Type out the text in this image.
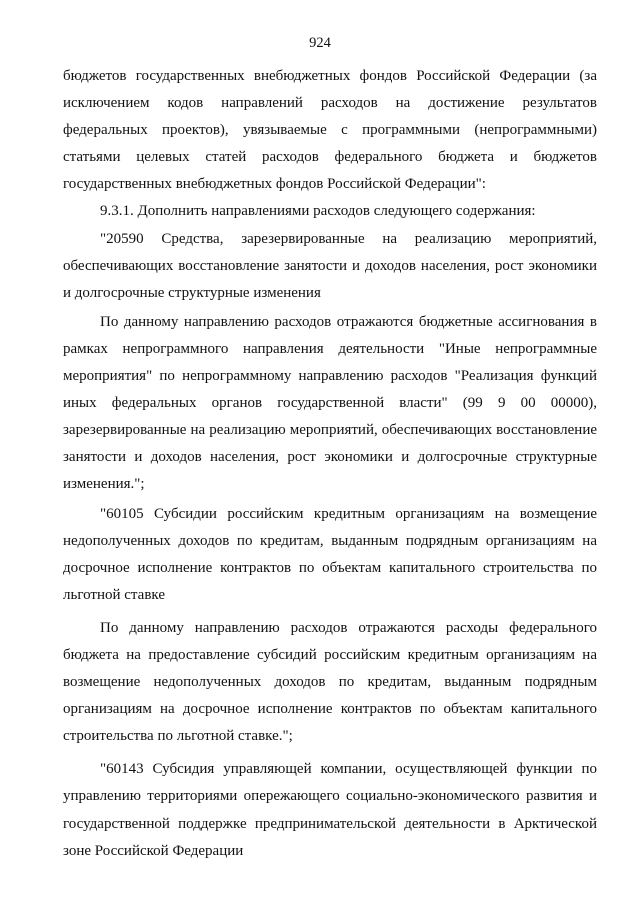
924

бюджетов государственных внебюджетных фондов Российской Федерации (за исключением кодов направлений расходов на достижение результатов федеральных проектов), увязываемые с программными (непрограммными) статьями целевых статей расходов федерального бюджета и бюджетов государственных внебюджетных фондов Российской Федерации":

9.3.1. Дополнить направлениями расходов следующего содержания:

"20590 Средства, зарезервированные на реализацию мероприятий, обеспечивающих восстановление занятости и доходов населения, рост экономики и долгосрочные структурные изменения

По данному направлению расходов отражаются бюджетные ассигнования в рамках непрограммного направления деятельности "Иные непрограммные мероприятия" по непрограммному направлению расходов "Реализация функций иных федеральных органов государственной власти" (99 9 00 00000), зарезервированные на реализацию мероприятий, обеспечивающих восстановление занятости и доходов населения, рост экономики и долгосрочные структурные изменения.";

"60105 Субсидии российским кредитным организациям на возмещение недополученных доходов по кредитам, выданным подрядным организациям на досрочное исполнение контрактов по объектам капитального строительства по льготной ставке

По данному направлению расходов отражаются расходы федерального бюджета на предоставление субсидий российским кредитным организациям на возмещение недополученных доходов по кредитам, выданным подрядным организациям на досрочное исполнение контрактов по объектам капитального строительства по льготной ставке.";

"60143 Субсидия управляющей компании, осуществляющей функции по управлению территориями опережающего социально-экономического развития и государственной поддержке предпринимательской деятельности в Арктической зоне Российской Федерации
